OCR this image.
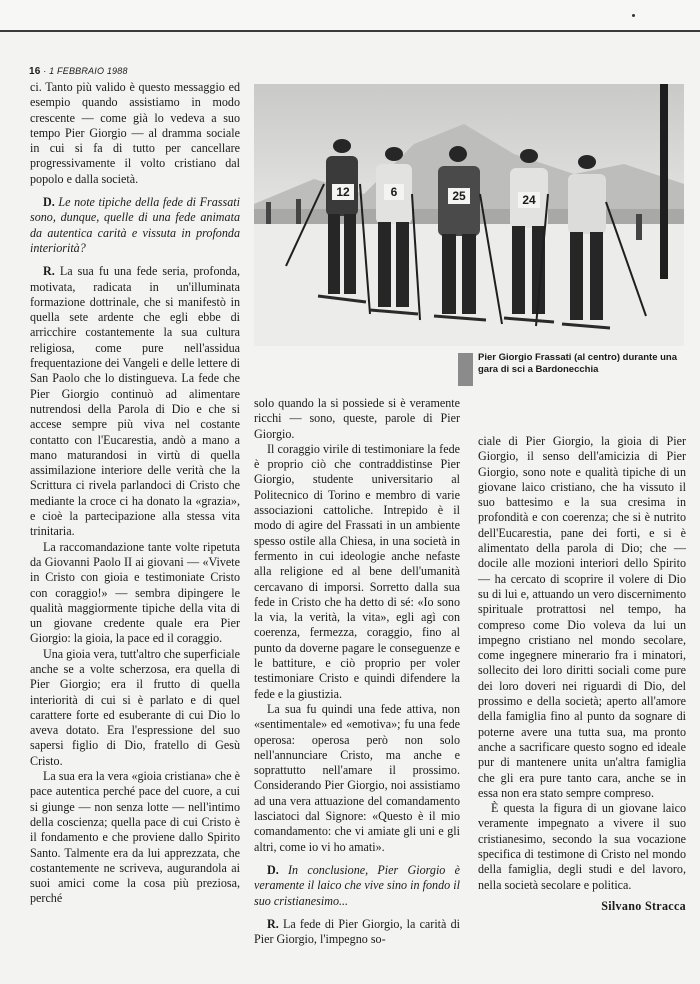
16 · 1 FEBBRAIO 1988

ci. Tanto più valido è questo messaggio ed esempio quando assistiamo in modo crescente — come già lo vedeva a suo tempo Pier Giorgio — al dramma sociale in cui si fa di tutto per cancellare progressivamente il volto cristiano dal popolo e dalla società.

D. Le note tipiche della fede di Frassati sono, dunque, quelle di una fede animata da autentica carità e vissuta in profonda interiorità?

R. La sua fu una fede seria, profonda, motivata, radicata in un'illuminata formazione dottrinale, che si manifestò in quella sete ardente che egli ebbe di arricchire costantemente la sua cultura religiosa, come pure nell'assidua frequentazione dei Vangeli e delle lettere di San Paolo che lo distingueva. La fede che Pier Giorgio continuò ad alimentare nutrendosi della Parola di Dio e che si accese sempre più viva nel costante contatto con l'Eucarestia, andò a mano a mano maturandosi in virtù di quella assimilazione interiore delle verità che la Scrittura ci rivela parlandoci di Cristo che mediante la croce ci ha donato la «grazia», e cioè la partecipazione alla stessa vita trinitaria.

La raccomandazione tante volte ripetuta da Giovanni Paolo II ai giovani — «Vivete in Cristo con gioia e testimoniate Cristo con coraggio!» — sembra dipingere le qualità maggiormente tipiche della vita di un giovane credente quale era Pier Giorgio: la gioia, la pace ed il coraggio.

Una gioia vera, tutt'altro che superficiale anche se a volte scherzosa, era quella di Pier Giorgio; era il frutto di quella interiorità di cui si è parlato e di quel carattere forte ed esuberante di cui Dio lo aveva dotato. Era l'espressione del suo sapersi figlio di Dio, fratello di Gesù Cristo.

La sua era la vera «gioia cristiana» che è pace autentica perché pace del cuore, a cui si giunge — non senza lotte — nell'intimo della coscienza; quella pace di cui Cristo è il fondamento e che proviene dallo Spirito Santo. Talmente era da lui apprezzata, che costantemente ne scriveva, augurandola ai suoi amici come la cosa più preziosa, perché

12	6	25	24
Pier Giorgio Frassati (al centro) durante una gara di sci a Bardonecchia

solo quando la si possiede si è veramente ricchi — sono, queste, parole di Pier Giorgio.

Il coraggio virile di testimoniare la fede è proprio ciò che contraddistinse Pier Giorgio, studente universitario al Politecnico di Torino e membro di varie associazioni cattoliche. Intrepido è il modo di agire del Frassati in un ambiente spesso ostile alla Chiesa, in una società in fermento in cui ideologie anche nefaste alla religione ed al bene dell'umanità cercavano di imporsi. Sorretto dalla sua fede in Cristo che ha detto di sé: «Io sono la via, la verità, la vita», egli agì con coerenza, fermezza, coraggio, fino al punto da doverne pagare le conseguenze e le battiture, e ciò proprio per voler testimoniare Cristo e quindi difendere la fede e la giustizia.

La sua fu quindi una fede attiva, non «sentimentale» ed «emotiva»; fu una fede operosa: operosa però non solo nell'annunciare Cristo, ma anche e soprattutto nell'amare il prossimo. Considerando Pier Giorgio, noi assistiamo ad una vera attuazione del comandamento lasciatoci dal Signore: «Questo è il mio comandamento: che vi amiate gli uni e gli altri, come io vi ho amati».

D. In conclusione, Pier Giorgio è veramente il laico che vive sino in fondo il suo cristianesimo...

R. La fede di Pier Giorgio, la carità di Pier Giorgio, l'impegno so-

ciale di Pier Giorgio, la gioia di Pier Giorgio, il senso dell'amicizia di Pier Giorgio, sono note e qualità tipiche di un giovane laico cristiano, che ha vissuto il suo battesimo e la sua cresima in profondità e con coerenza; che si è nutrito dell'Eucarestia, pane dei forti, e si è alimentato della parola di Dio; che — docile alle mozioni interiori dello Spirito — ha cercato di scoprire il volere di Dio su di lui e, attuando un vero discernimento spirituale protrattosi nel tempo, ha compreso come Dio voleva da lui un impegno cristiano nel mondo secolare, come ingegnere minerario fra i minatori, sollecito dei loro diritti sociali come pure dei loro doveri nei riguardi di Dio, del prossimo e della società; aperto all'amore della famiglia fino al punto da sognare di poterne avere una tutta sua, ma pronto anche a sacrificare questo sogno ed ideale pur di mantenere unita un'altra famiglia che gli era pure tanto cara, anche se in essa non era stato sempre compreso.

È questa la figura di un giovane laico veramente impegnato a vivere il suo cristianesimo, secondo la sua vocazione specifica di testimone di Cristo nel mondo della famiglia, degli studi e del lavoro, nella società secolare e politica.

Silvano Stracca
